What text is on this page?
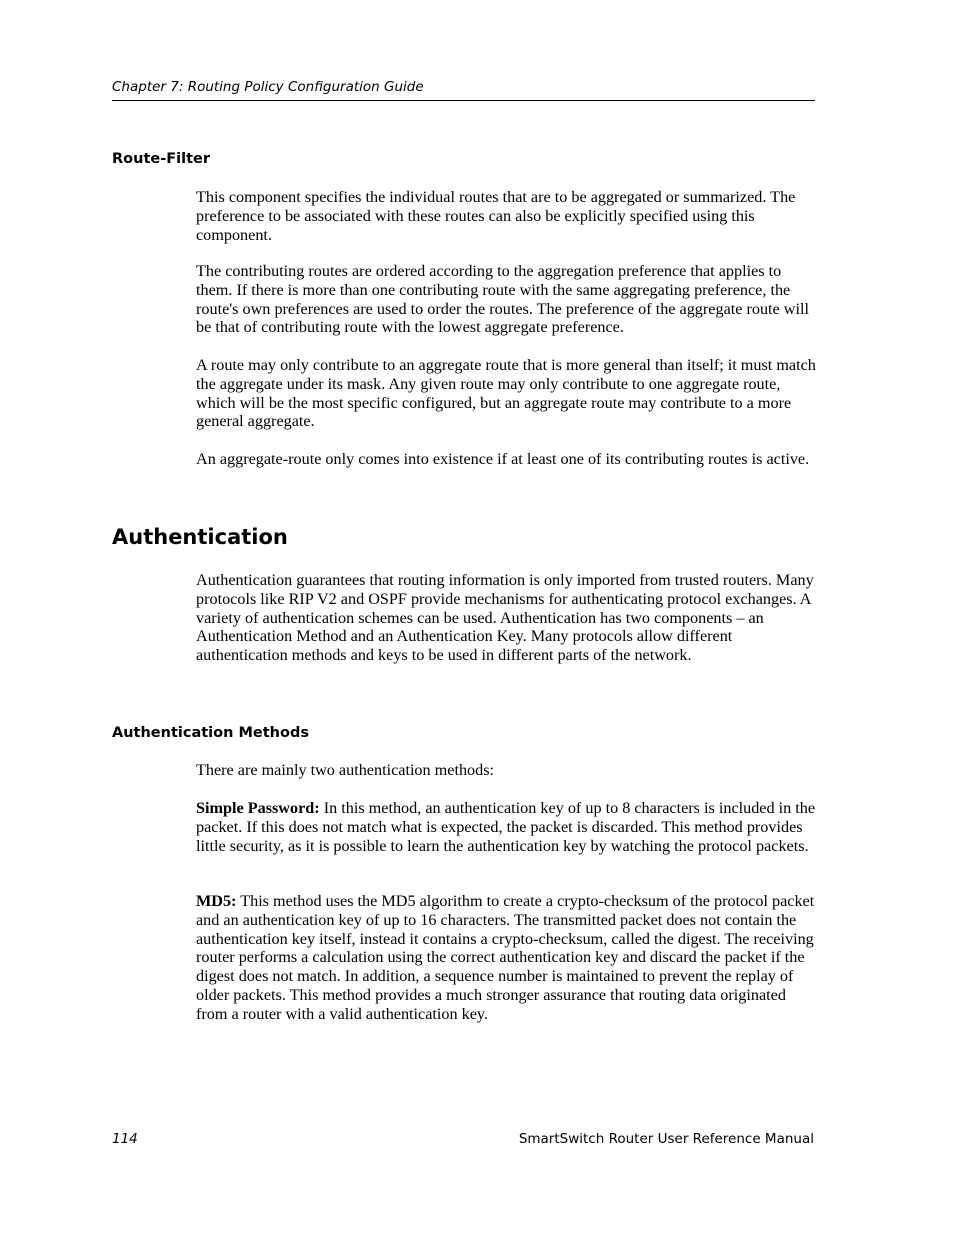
Chapter 7: Routing Policy Configuration Guide
Route-Filter

This component specifies the individual routes that are to be aggregated or summarized. The preference to be associated with these routes can also be explicitly specified using this component.

The contributing routes are ordered according to the aggregation preference that applies to them. If there is more than one contributing route with the same aggregating preference, the route's own preferences are used to order the routes. The preference of the aggregate route will be that of contributing route with the lowest aggregate preference.

A route may only contribute to an aggregate route that is more general than itself; it must match the aggregate under its mask. Any given route may only contribute to one aggregate route, which will be the most specific configured, but an aggregate route may contribute to a more general aggregate.

An aggregate-route only comes into existence if at least one of its contributing routes is active.

Authentication

Authentication guarantees that routing information is only imported from trusted routers. Many protocols like RIP V2 and OSPF provide mechanisms for authenticating protocol exchanges. A variety of authentication schemes can be used. Authentication has two components – an Authentication Method and an Authentication Key. Many protocols allow different authentication methods and keys to be used in different parts of the network.

Authentication Methods

There are mainly two authentication methods:

Simple Password: In this method, an authentication key of up to 8 characters is included in the packet. If this does not match what is expected, the packet is discarded. This method provides little security, as it is possible to learn the authentication key by watching the protocol packets.

MD5: This method uses the MD5 algorithm to create a crypto-checksum of the protocol packet and an authentication key of up to 16 characters. The transmitted packet does not contain the authentication key itself, instead it contains a crypto-checksum, called the digest. The receiving router performs a calculation using the correct authentication key and discard the packet if the digest does not match. In addition, a sequence number is maintained to prevent the replay of older packets. This method provides a much stronger assurance that routing data originated from a router with a valid authentication key.

114	SmartSwitch Router User Reference Manual
